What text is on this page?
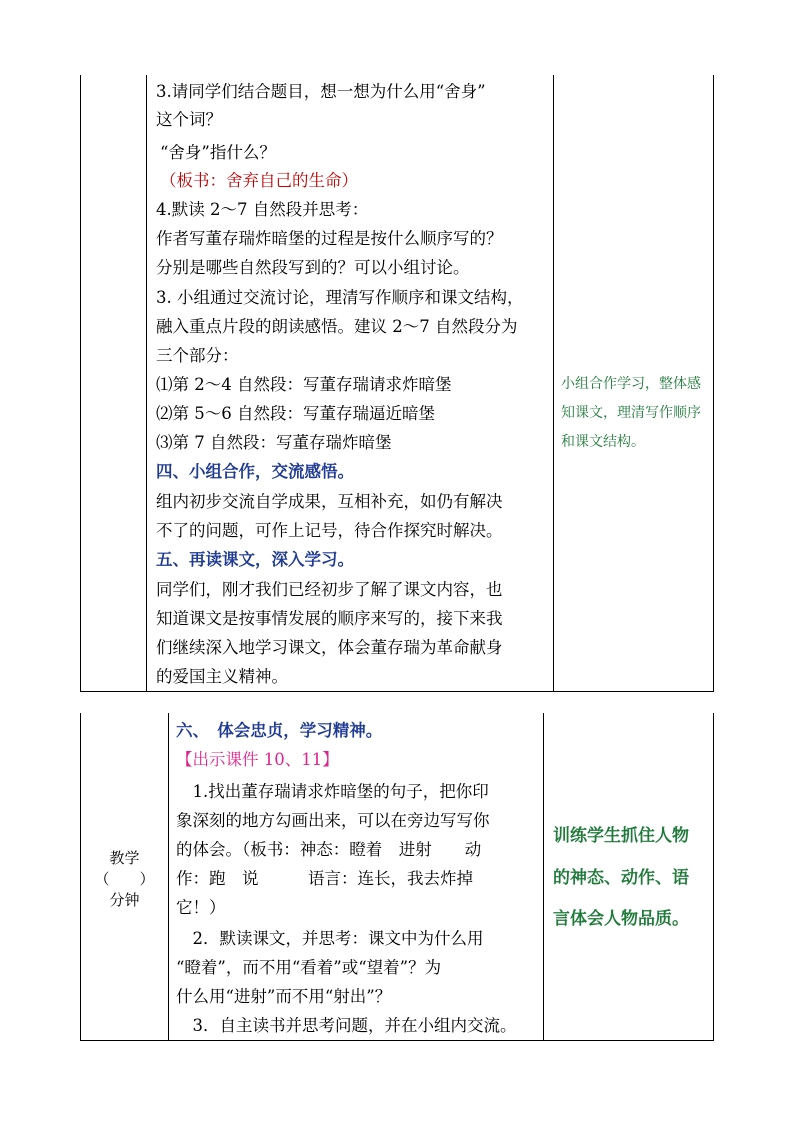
3.请同学们结合题目，想一想为什么用“舍身”
这个词？
“舍身”指什么？
（板书：舍弃自己的生命）
4.默读 2～7 自然段并思考：
作者写董存瑞炸暗堡的过程是按什么顺序写的？
分别是哪些自然段写到的？可以小组讨论。
3. 小组通过交流讨论，理清写作顺序和课文结构，
融入重点片段的朗读感悟。建议 2～7 自然段分为
三个部分：
⑴第 2～4 自然段：写董存瑞请求炸暗堡
⑵第 5～6 自然段：写董存瑞逼近暗堡
⑶第 7 自然段：写董存瑞炸暗堡
四、小组合作，交流感悟。
组内初步交流自学成果，互相补充，如仍有解决
不了的问题，可作上记号，待合作探究时解决。
五、再读课文，深入学习。
同学们，刚才我们已经初步了解了课文内容，也
知道课文是按事情发展的顺序来写的，接下来我
们继续深入地学习课文，体会董存瑞为革命献身
的爱国主义精神。
小组合作学习，整体感
知课文，理清写作顺序
和课文结构。
教学
（　　）
分钟
六、　体会忠贞，学习精神。
【出示课件 10、11】
　1.找出董存瑞请求炸暗堡的句子，把你印
象深刻的地方勾画出来，可以在旁边写写你
的体会。（板书：神态：瞪着　进射　　动
作：跑　说　　　语言：连长，我去炸掉
它！）
　2．默读课文，并思考：课文中为什么用
“瞪着”，而不用“看着”或“望着”？为
什么用“进射”而不用“射出”？
　3．自主读书并思考问题，并在小组内交流。
训练学生抓住人物
的神态、动作、语
言体会人物品质。
